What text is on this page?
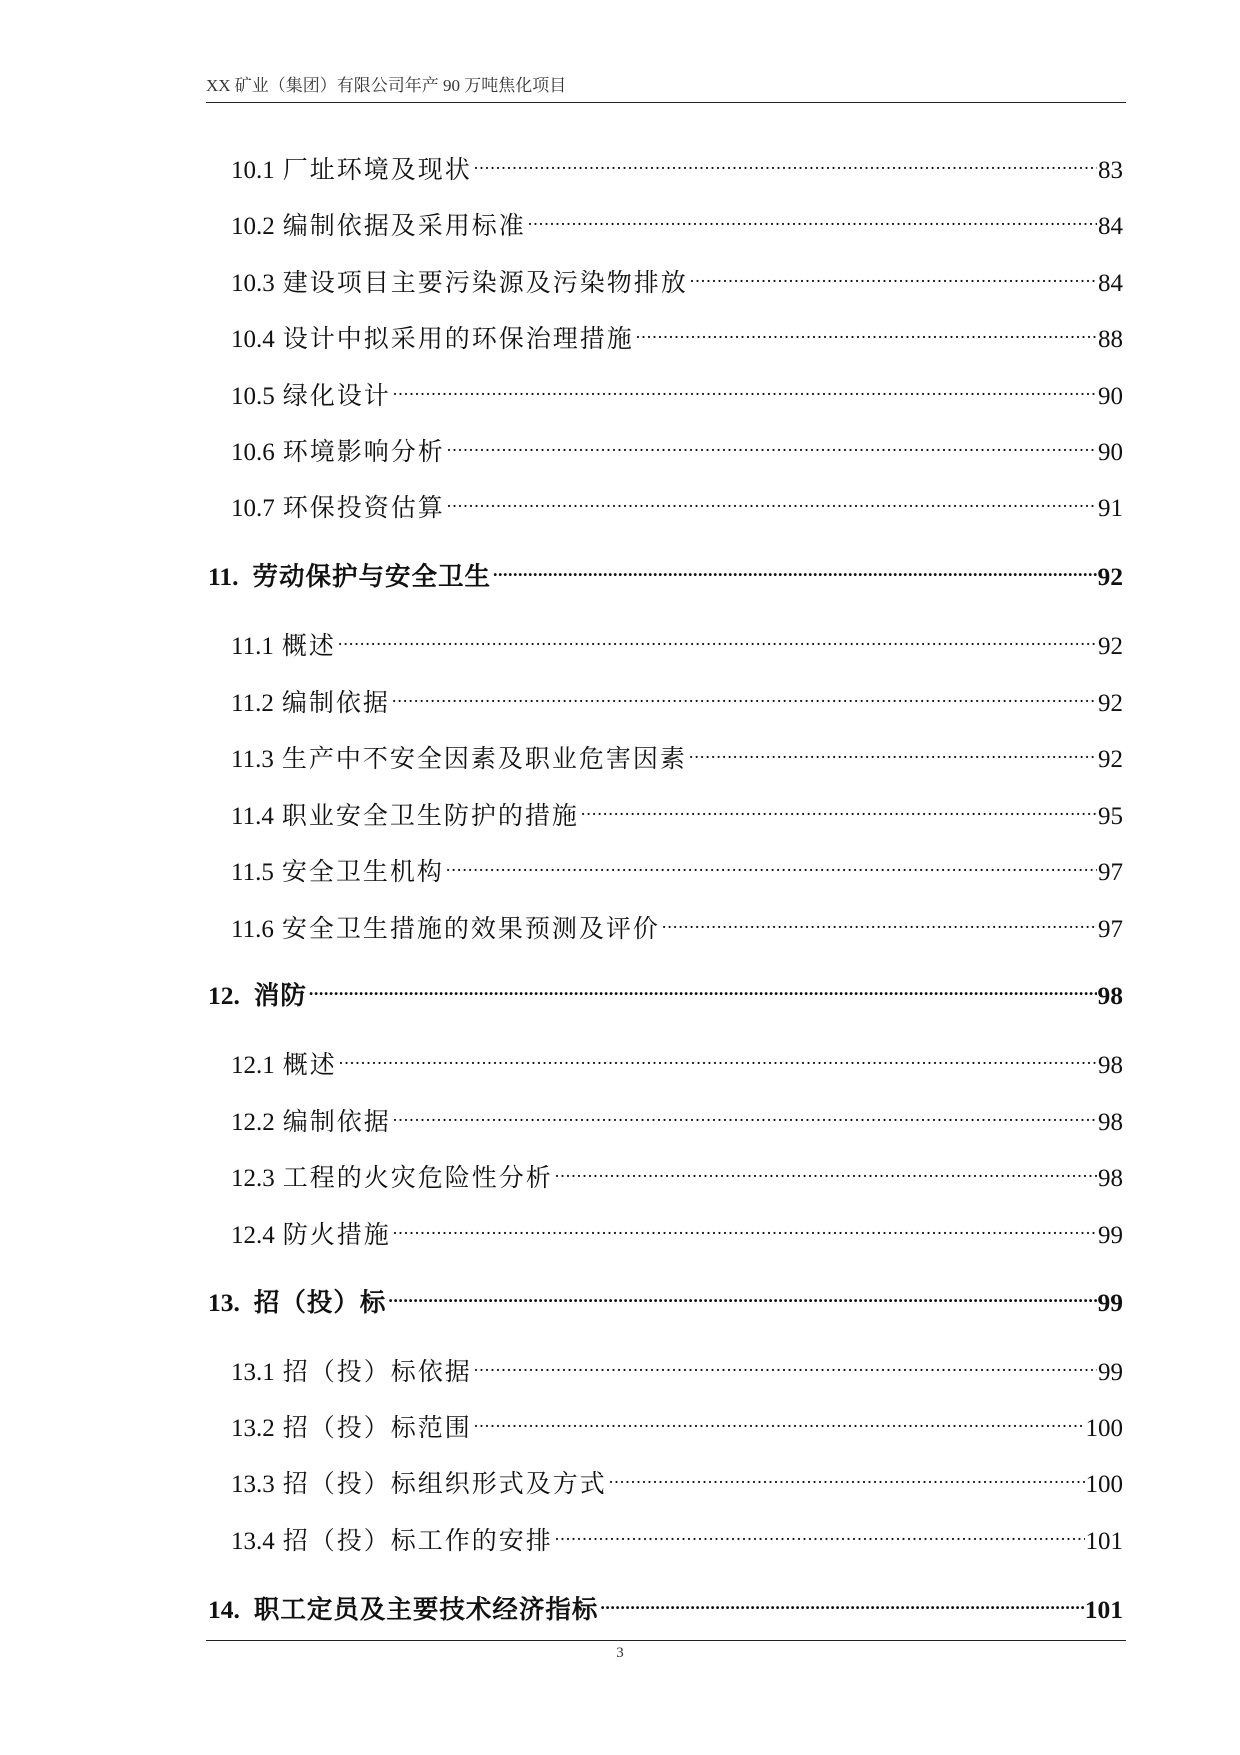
XX 矿业（集团）有限公司年产 90 万吨焦化项目
10.1 厂址环境及现状 .....	83
10.2 编制依据及采用标准 .....	84
10.3 建设项目主要污染源及污染物排放 .....	84
10.4 设计中拟采用的环保治理措施 .....	88
10.5 绿化设计 .....	90
10.6 环境影响分析 .....	90
10.7 环保投资估算 .....	91
11. 劳动保护与安全卫生 .....	92
11.1 概述 .....	92
11.2 编制依据 .....	92
11.3 生产中不安全因素及职业危害因素 .....	92
11.4 职业安全卫生防护的措施 .....	95
11.5 安全卫生机构 .....	97
11.6 安全卫生措施的效果预测及评价 .....	97
12. 消防 .....	98
12.1 概述 .....	98
12.2 编制依据 .....	98
12.3 工程的火灾危险性分析 .....	98
12.4 防火措施 .....	99
13. 招（投）标 .....	99
13.1 招（投）标依据 .....	99
13.2 招（投）标范围 .....	100
13.3 招（投）标组织形式及方式 .....	100
13.4 招（投）标工作的安排 .....	101
14. 职工定员及主要技术经济指标 .....	101
3
